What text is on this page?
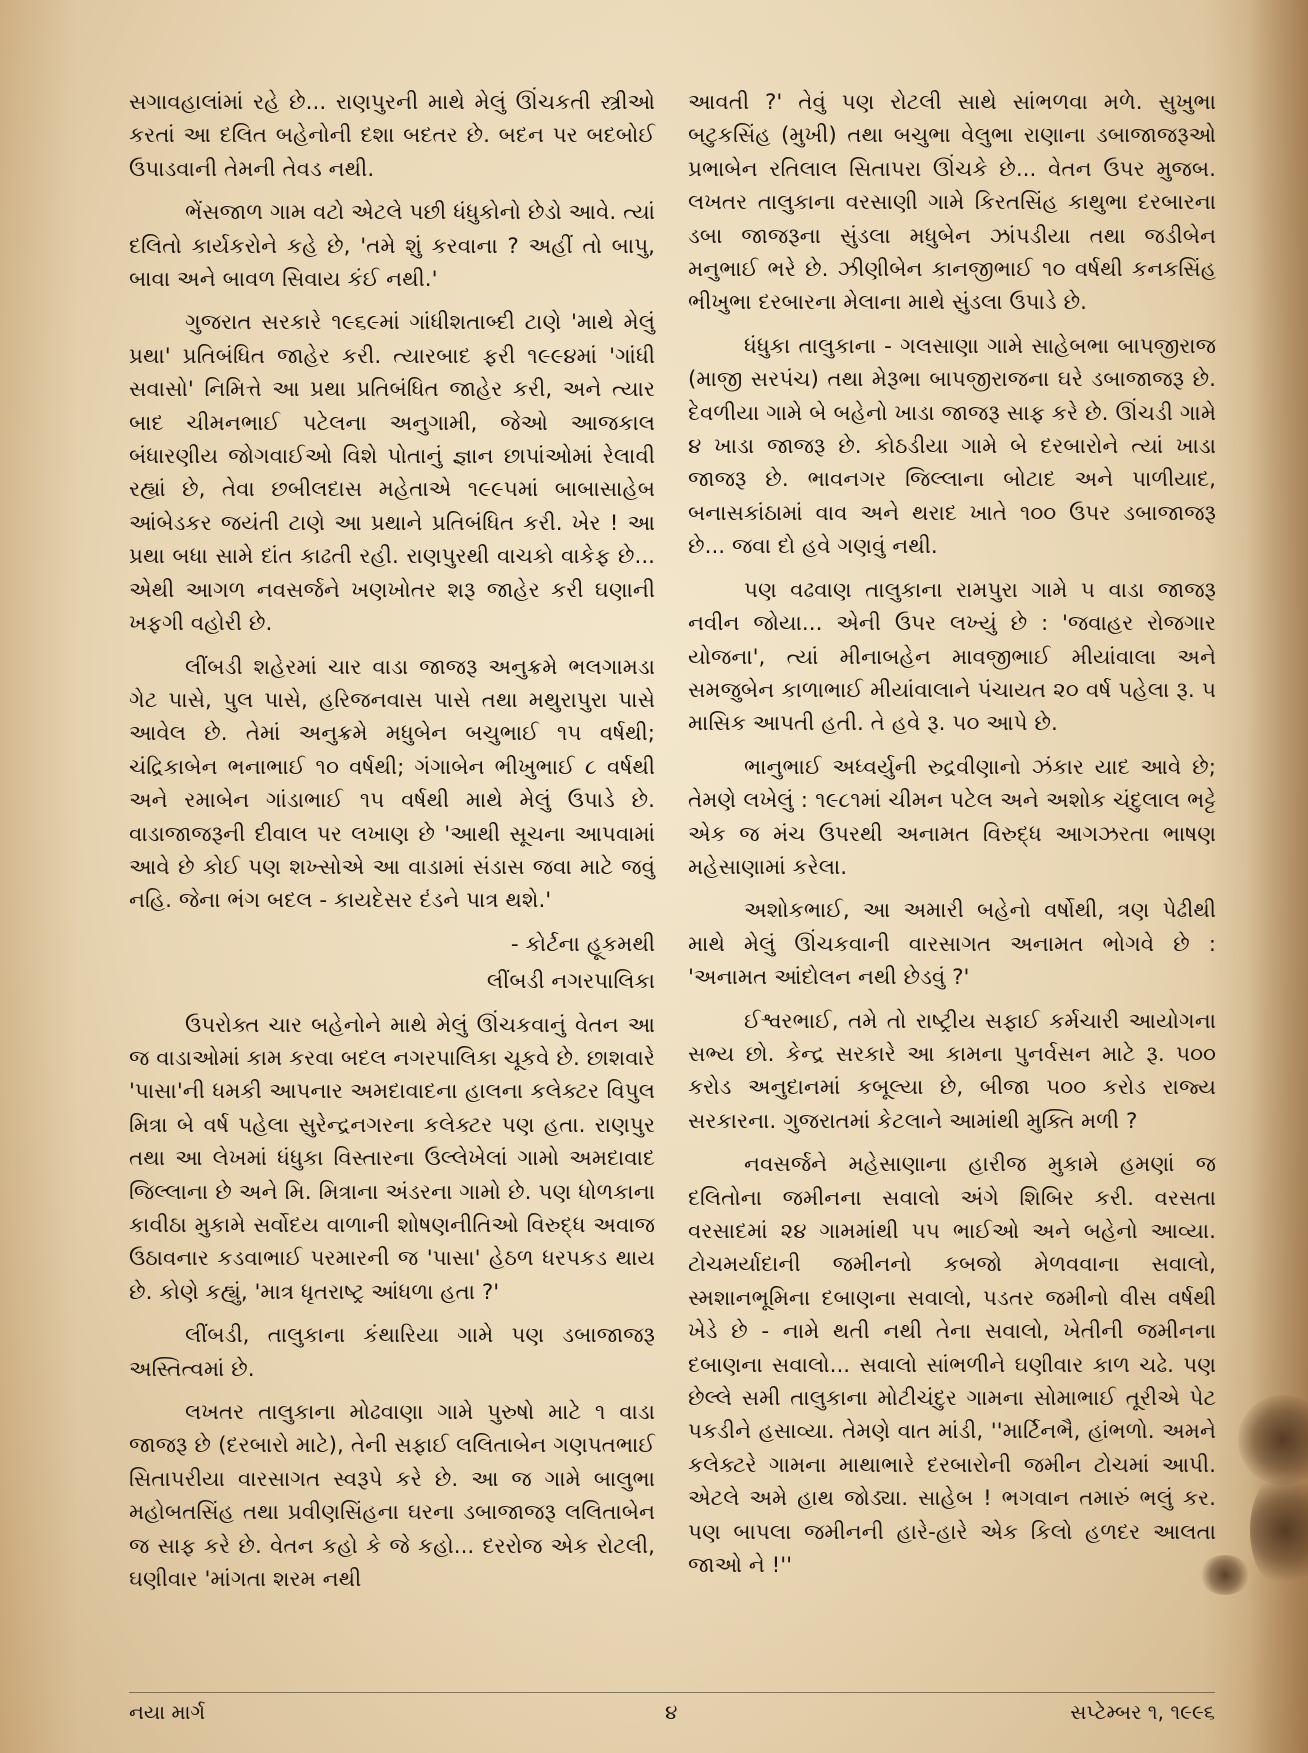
સગાવહાલાંમાં રહે છે... રાણપુરની માથે મેલું ઊંચકતી સ્ત્રીઓ કરતાં આ દલિત બહેનોની દશા બદતર છે. બદન પર બદબોઈ ઉપાડવાની તેમની તેવડ નથી.

ભેંસજાળ ગામ વટો એટલે પછી ધંધુકોનો છેડો આવે. ત્યાં દલિતો કાર્યકરોને કહે છે, 'તમે શું કરવાના ? અહીં તો બાપુ, બાવા અને બાવળ સિવાય કંઈ નથી.'

ગુજરાત સરકારે ૧૯૬૯માં ગાંધીશતાબ્દી ટાણે 'માથે મેલું પ્રથા' પ્રતિબંધિત જાહેર કરી. ત્યારબાદ ફરી ૧૯૯૪માં 'ગાંધી સવાસો' નિમિત્તે આ પ્રથા પ્રતિબંધિત જાહેર કરી, અને ત્યાર બાદ ચીમનભાઈ પટેલના અનુગામી, જેઓ આજકાલ બંધારણીય જોગવાઈઓ વિશે પોતાનું જ્ઞાન છાપાંઓમાં રેલાવી રહ્યાં છે, તેવા છબીલદાસ મહેતાએ ૧૯૯૫માં બાબાસાહેબ આંબેડકર જયંતી ટાણે આ પ્રથાને પ્રતિબંધિત કરી. ખેર ! આ પ્રથા બધા સામે દાંત કાઢતી રહી. રાણપુરથી વાચકો વાકેફ છે... એથી આગળ નવસર્જને ખણખોતર શરૂ જાહેર કરી ઘણાની ખફગી વહોરી છે.

લીંબડી શહેરમાં ચાર વાડા જાજરૂ અનુક્રમે ભલગામડા ગેટ પાસે, પુલ પાસે, હરિજનવાસ પાસે તથા મથુરાપુરા પાસે આવેલ છે. તેમાં અનુક્રમે મધુબેન બચુભાઈ ૧૫ વર્ષથી; ચંદ્રિકાબેન ભનાભાઈ ૧૦ વર્ષથી; ગંગાબેન ભીખુભાઈ ૮ વર્ષથી અને રમાબેન ગાંડાભાઈ ૧૫ વર્ષથી માથે મેલું ઉપાડે છે. વાડાજાજરૂની દીવાલ પર લખાણ છે 'આથી સૂચના આપવામાં આવે છે કોઈ પણ શખ્સોએ આ વાડામાં સંડાસ જવા માટે જવું નહિ. જેના ભંગ બદલ - કાયદેસર દંડને પાત્ર થશે.'

- કોર્ટના હૂકમથી

લીંબડી નગરપાલિકા

ઉપરોક્ત ચાર બહેનોને માથે મેલું ઊંચકવાનું વેતન આ જ વાડાઓમાં કામ કરવા બદલ નગરપાલિકા ચૂકવે છે. છાશવારે 'પાસા'ની ધમકી આપનાર અમદાવાદના હાલના કલેક્ટર વિપુલ મિત્રા બે વર્ષ પહેલા સુરેન્દ્રનગરના કલેક્ટર પણ હતા. રાણપુર તથા આ લેખમાં ધંધુકા વિસ્તારના ઉલ્લેખેલાં ગામો અમદાવાદ જિલ્લાના છે અને મિ. મિત્રાના અંડરના ગામો છે. પણ ધોળકાના કાવીઠા મુકામે સર્વોદય વાળાની શોષણનીતિઓ વિરુદ્ધ અવાજ ઉઠાવનાર કડવાભાઈ પરમારની જ 'પાસા' હેઠળ ધરપકડ થાય છે. કોણે કહ્યું, 'માત્ર ધૃતરાષ્ટ્ર આંધળા હતા ?'

લીંબડી, તાલુકાના કંથારિયા ગામે પણ ડબાજાજરૂ અસ્તિત્વમાં છે.

લખતર તાલુકાના મોઢવાણા ગામે પુરુષો માટે ૧ વાડા જાજરૂ છે (દરબારો માટે), તેની સફાઈ લલિતાબેન ગણપતભાઈ સિતાપરીયા વારસાગત સ્વરૂપે કરે છે. આ જ ગામે બાલુભા મહોબતસિંહ તથા પ્રવીણસિંહના ઘરના ડબાજાજરૂ લલિતાબેન જ સાફ કરે છે. વેતન કહો કે જે કહો... દરરોજ એક રોટલી, ઘણીવાર 'માંગતા શરમ નથી

આવતી ?' તેવું પણ રોટલી સાથે સાંભળવા મળે. સુખુભા બટુકસિંહ (મુખી) તથા બચુભા વેલુભા રાણાના ડબાજાજરૂઓ પ્રભાબેન રતિલાલ સિતાપરા ઊંચકે છે... વેતન ઉપર મુજબ. લખતર તાલુકાના વરસાણી ગામે કિરતસિંહ કાથુભા દરબારના ડબા જાજરૂના સુંડલા મધુબેન ઝાંપડીયા તથા જડીબેન મનુભાઈ ભરે છે. ઝીણીબેન કાનજીભાઈ ૧૦ વર્ષથી કનકસિંહ ભીખુભા દરબારના મેલાના માથે સુંડલા ઉપાડે છે.

ધંધુકા તાલુકાના - ગલસાણા ગામે સાહેબભા બાપજીરાજ (માજી સરપંચ) તથા મેરૂભા બાપજીરાજના ઘરે ડબાજાજરૂ છે. દેવળીયા ગામે બે બહેનો ખાડા જાજરૂ સાફ કરે છે. ઊંચડી ગામે ૪ ખાડા જાજરૂ છે. કોઠડીયા ગામે બે દરબારોને ત્યાં ખાડા જાજરૂ છે. ભાવનગર જિલ્લાના બોટાદ અને પાળીયાદ, બનાસકાંઠામાં વાવ અને થરાદ ખાતે ૧૦૦ ઉપર ડબાજાજરૂ છે... જવા દો હવે ગણવું નથી.

પણ વઢવાણ તાલુકાના રામપુરા ગામે ૫ વાડા જાજરૂ નવીન જોયા... એની ઉપર લખ્યું છે : 'જવાહર રોજગાર યોજના', ત્યાં મીનાબહેન માવજીભાઈ મીયાંવાલા અને સમજુબેન કાળાભાઈ મીયાંવાલાને પંચાયત ૨૦ વર્ષ પહેલા રૂ. ૫ માસિક આપતી હતી. તે હવે રૂ. ૫૦ આપે છે.

ભાનુભાઈ અધ્વર્યુની રુદ્રવીણાનો ઝંકાર યાદ આવે છે; તેમણે લખેલું : ૧૯૮૧માં ચીમન પટેલ અને અશોક ચંદુલાલ ભટ્ટે એક જ મંચ ઉપરથી અનામત વિરુદ્ધ આગઝરતા ભાષણ મહેસાણામાં કરેલા.

અશોકભાઈ, આ અમારી બહેનો વર્ષોથી, ત્રણ પેઢીથી માથે મેલું ઊંચકવાની વારસાગત અનામત ભોગવે છે : 'અનામત આંદોલન નથી છેડવું ?'

ઈશ્વરભાઈ, તમે તો રાષ્ટ્રીય સફાઈ કર્મચારી આયોગના સભ્ય છો. કેન્દ્ર સરકારે આ કામના પુનર્વસન માટે રૂ. ૫૦૦ કરોડ અનુદાનમાં કબૂલ્યા છે, બીજા ૫૦૦ કરોડ રાજ્ય સરકારના. ગુજરાતમાં કેટલાને આમાંથી મુક્તિ મળી ?

નવસર્જને મહેસાણાના હારીજ મુકામે હમણાં જ દલિતોના જમીનના સવાલો અંગે શિબિર કરી. વરસતા વરસાદમાં ૨૪ ગામમાંથી ૫૫ ભાઈઓ અને બહેનો આવ્યા. ટોચમર્યાદાની જમીનનો કબજો મેળવવાના સવાલો, સ્મશાનભૂમિના દબાણના સવાલો, પડતર જમીનો વીસ વર્ષથી ખેડે છે - નામે થતી નથી તેના સવાલો, ખેતીની જમીનના દબાણના સવાલો... સવાલો સાંભળીને ઘણીવાર કાળ ચઢે. પણ છેલ્લે સમી તાલુકાના મોટીચંદુર ગામના સોમાભાઈ તૂરીએ પેટ પકડીને હસાવ્યા. તેમણે વાત માંડી, ''માર્ટિનભૈ, હાંભળો. અમને કલેક્ટરે ગામના માથાભારે દરબારોની જમીન ટોચમાં આપી. એટલે અમે હાથ જોડ્યા. સાહેબ ! ભગવાન તમારું ભલું કર. પણ બાપલા જમીનની હારે-હારે એક કિલો હળદર આલતા જાઓ ને !''

નયા માર્ગ	૪	સપ્ટેમ્બર ૧, ૧૯૯૬
